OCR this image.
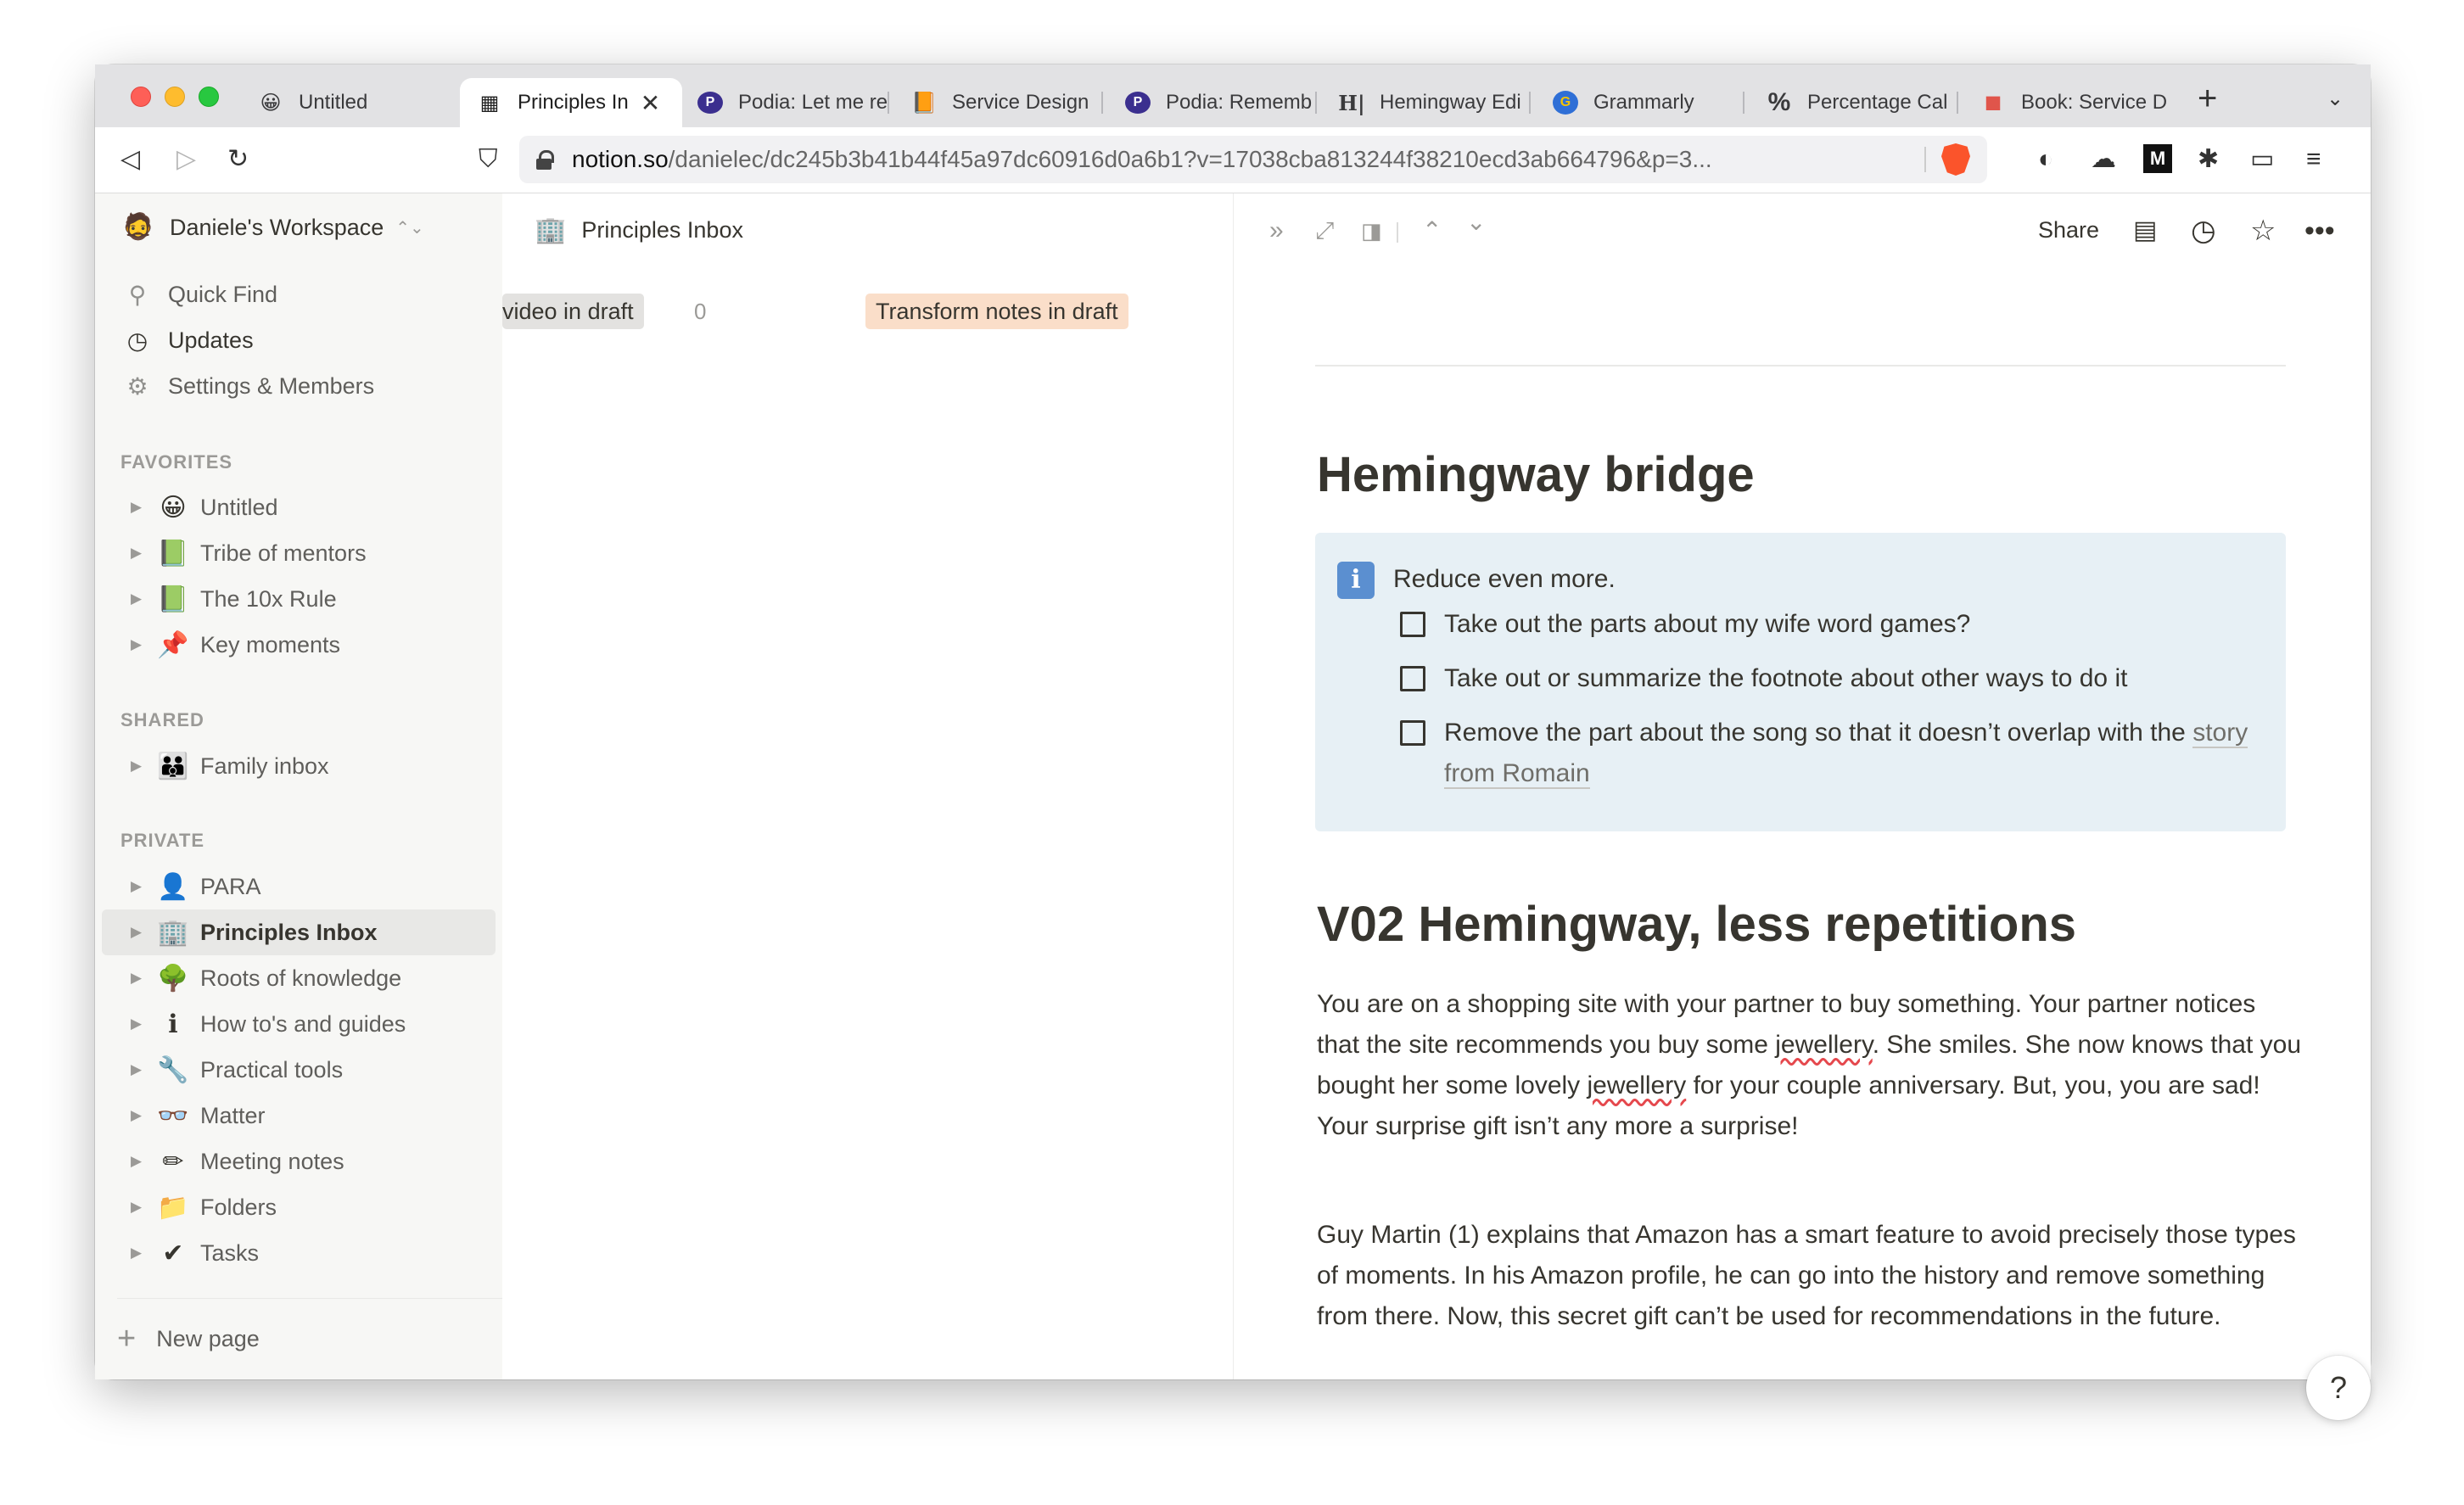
😀 Untitled	▦ Principles In ✕	P	Podia: Let me re 📙 Service Design	P	Podia: Rememb H| Hemingway Edi	G	Grammarly	% Percentage Cal ■ Book: Service D +	⌄
◁ ▷ ↻	⛉	notion.so /danielec/dc245b3b41b44f45a97dc60916d0a6b1?v=17038cba813244f38210ecd3ab664796&p=3...	◐ ☁	M ✱ ▭ ≡
🧔 Daniele's Workspace ⌃⌄
⚲ Quick Find
◷ Updates
⚙ Settings & Members
FAVORITES
▶ 😀 Untitled
▶ 📗 Tribe of mentors
▶ 📗 The 10x Rule
▶ 📌 Key moments
SHARED
▶ 👪 Family inbox
PRIVATE
▶ 👤 PARA
▶ 🏢 Principles Inbox
▶ 🌳 Roots of knowledge
▶	ℹ How to's and guides
▶ 🔧 Practical tools
▶ 👓 Matter
▶ ✏ Meeting notes
▶ 📁 Folders
▶ ✔ Tasks
+ New page
🏢 Principles Inbox
video in draft	0	Transform notes in draft
» ⤢ ◨ ⌃ ⌄	Share ▤ ◷ ☆ •••
Hemingway bridge
i	Reduce even more.
Take out the parts about my wife word games?
Take out or summarize the footnote about other ways to do it
Remove the part about the song so that it doesn’t overlap with the story from Romain
V02 Hemingway, less repetitions
You are on a shopping site with your partner to buy something. Your partner notices that the site recommends you buy some jewellery. She smiles. She now knows that you bought her some lovely jewellery for your couple anniversary. But, you, you are sad! Your surprise gift isn’t any more a surprise!
Guy Martin (1) explains that Amazon has a smart feature to avoid precisely those types of moments. In his Amazon profile, he can go into the history and remove something from there. Now, this secret gift can’t be used for recommendations in the future.
?
